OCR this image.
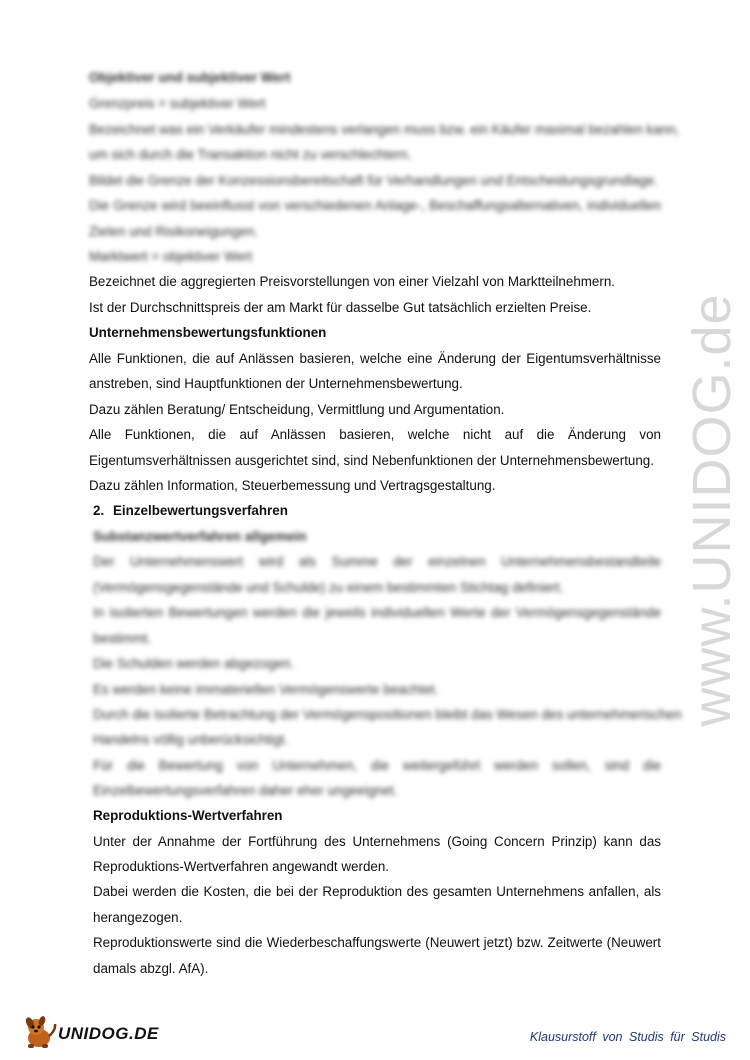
Objektiver und subjektiver Wert
Grenzpreis = subjektiver Wert
Bezeichnet was ein Verkäufer mindestens verlangen muss bzw. ein Käufer maximal bezahlen kann,
um sich durch die Transaktion nicht zu verschlechtern.
Bildet die Grenze der Konzessionsbereitschaft für Verhandlungen und Entscheidungsgrundlage.
Die Grenze wird beeinflusst von verschiedenen Anlage-, Beschaffungsalternativen, individuellen
Zielen und Risikoneigungen.
Marktwert = objektiver Wert
Bezeichnet die aggregierten Preisvorstellungen von einer Vielzahl von Marktteilnehmern.
Ist der Durchschnittspreis der am Markt für dasselbe Gut tatsächlich erzielten Preise.
Unternehmensbewertungsfunktionen
Alle Funktionen, die auf Anlässen basieren, welche eine Änderung der Eigentumsverhältnisse
anstreben, sind Hauptfunktionen der Unternehmensbewertung.
Dazu zählen Beratung/ Entscheidung, Vermittlung und Argumentation.
Alle Funktionen, die auf Anlässen basieren, welche nicht auf die Änderung von
Eigentumsverhältnissen ausgerichtet sind, sind Nebenfunktionen der Unternehmensbewertung.
Dazu zählen Information, Steuerbemessung und Vertragsgestaltung.
2. Einzelbewertungsverfahren
Substanzwertverfahren allgemein
Der Unternehmenswert wird als Summe der einzelnen Unternehmensbestandteile
(Vermögensgegenstände und Schulde) zu einem bestimmten Stichtag definiert.
In isolierten Bewertungen werden die jeweils individuellen Werte der Vermögensgegenstände
bestimmt.
Die Schulden werden abgezogen.
Es werden keine immateriellen Vermögenswerte beachtet.
Durch die isolierte Betrachtung der Vermögenspositionen bleibt das Wesen des unternehmerischen
Handelns völlig unberücksichtigt.
Für die Bewertung von Unternehmen, die weitergeführt werden sollen, sind die
Einzelbewertungsverfahren daher eher ungeeignet.
Reproduktions-Wertverfahren
Unter der Annahme der Fortführung des Unternehmens (Going Concern Prinzip) kann das
Reproduktions-Wertverfahren angewandt werden.
Dabei werden die Kosten, die bei der Reproduktion des gesamten Unternehmens anfallen, als
herangezogen.
Reproduktionswerte sind die Wiederbeschaffungswerte (Neuwert jetzt) bzw. Zeitwerte (Neuwert
damals abzgl. AfA).
www.UNIDOG.de
UNIDOG.DE	Klausurstoff von Studis für Studis
